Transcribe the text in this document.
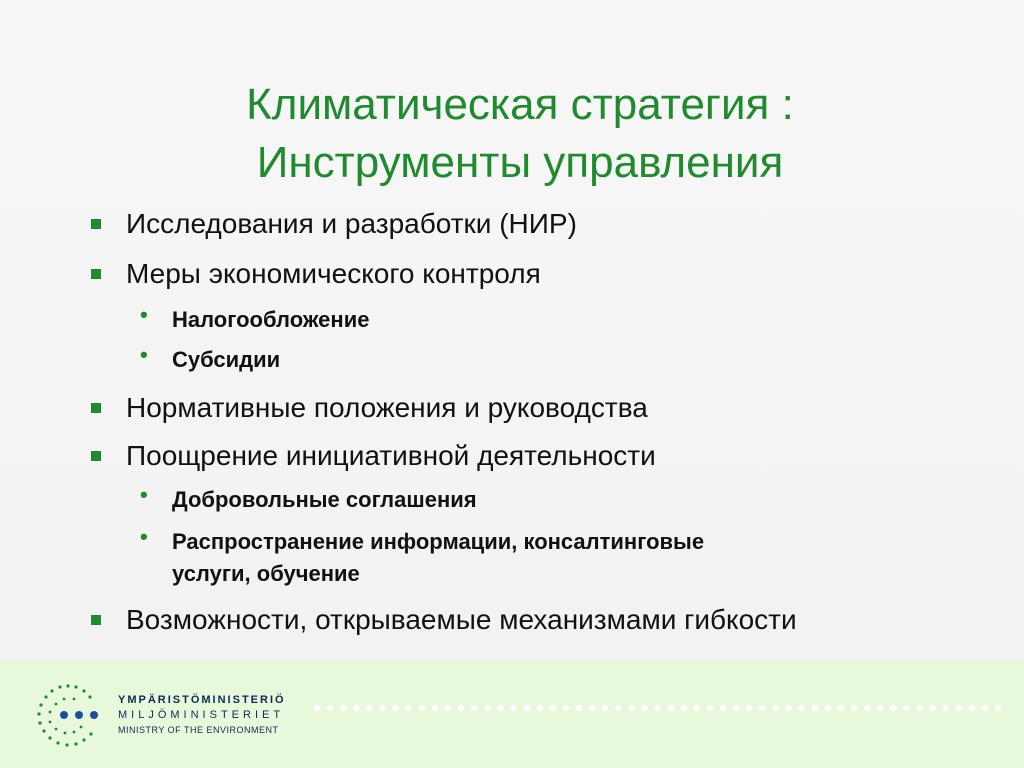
Климатическая стратегия :
Инструменты управления
Исследования и разработки (НИР)
Меры экономического контроля
• Налогообложение
• Субсидии
Нормативные положения и руководства
Поощрение инициативной деятельности
• Добровольные соглашения
• Распространение информации, консалтинговые
услуги, обучение
Возможности, открываемые механизмами гибкости
YMPÄRISTÖMINISTERIÖ
MILJÖMINISTERIET
MINISTRY OF THE ENVIRONMENT
